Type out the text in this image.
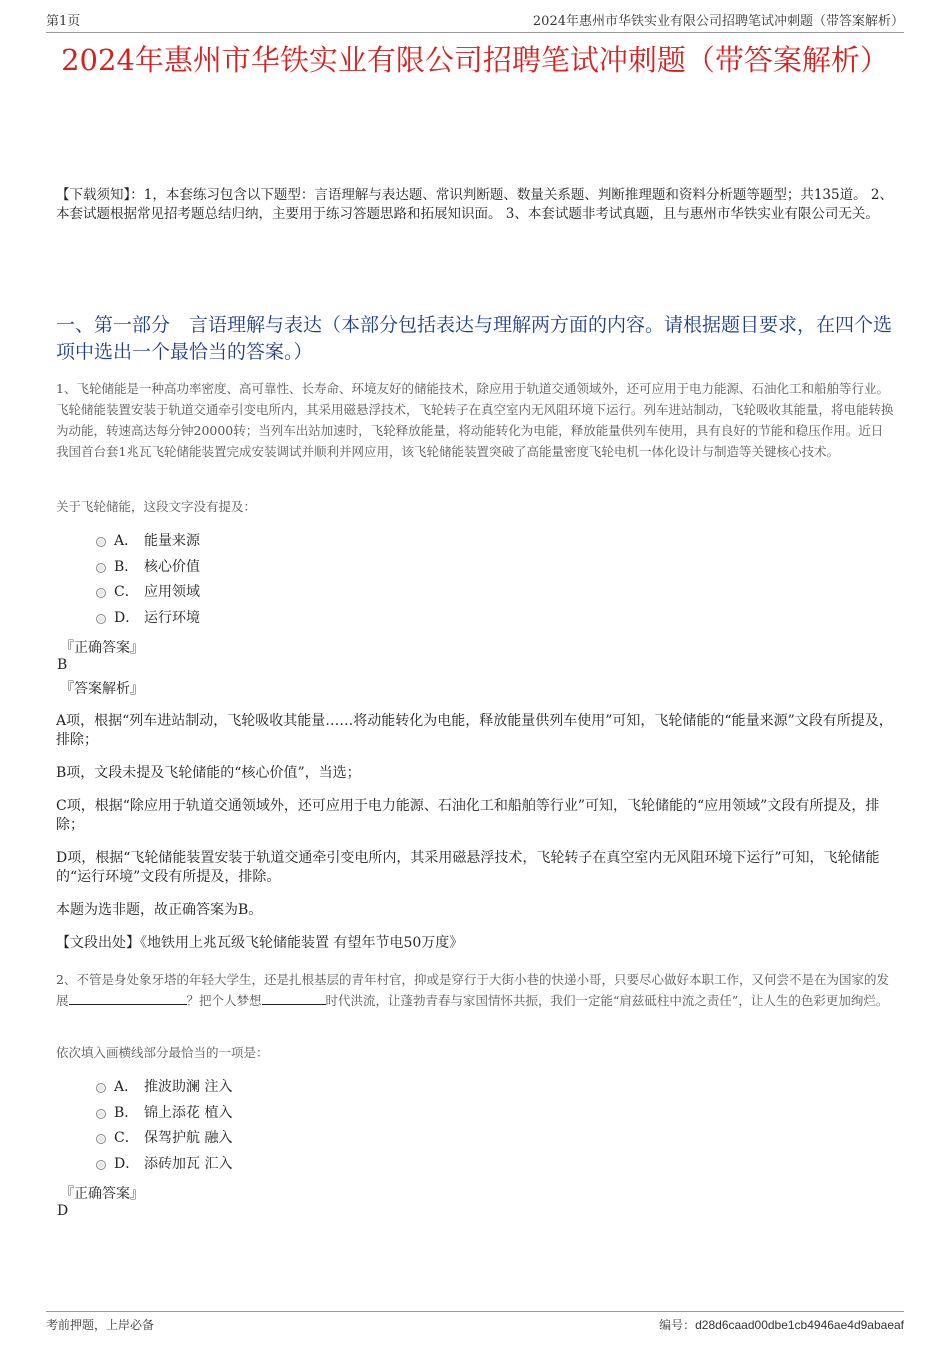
第1页	2024年惠州市华铁实业有限公司招聘笔试冲刺题（带答案解析）
2024年惠州市华铁实业有限公司招聘笔试冲刺题（带答案解析）
【下载须知】：1，本套练习包含以下题型：言语理解与表达题、常识判断题、数量关系题、判断推理题和资料分析题等题型；共135道。 2、本套试题根据常见招考题总结归纳，主要用于练习答题思路和拓展知识面。 3、本套试题非考试真题，且与惠州市华铁实业有限公司无关。
一、第一部分　言语理解与表达（本部分包括表达与理解两方面的内容。请根据题目要求，在四个选项中选出一个最恰当的答案。）
1、飞轮储能是一种高功率密度、高可靠性、长寿命、环境友好的储能技术，除应用于轨道交通领域外，还可应用于电力能源、石油化工和船舶等行业。飞轮储能装置安装于轨道交通牵引变电所内，其采用磁悬浮技术，飞轮转子在真空室内无风阻环境下运行。列车进站制动，飞轮吸收其能量，将电能转换为动能，转速高达每分钟20000转；当列车出站加速时，飞轮释放能量，将动能转化为电能，释放能量供列车使用，具有良好的节能和稳压作用。近日我国首台套1兆瓦飞轮储能装置完成安装调试并顺利并网应用，该飞轮储能装置突破了高能量密度飞轮电机一体化设计与制造等关键核心技术。
关于飞轮储能，这段文字没有提及：
A． 能量来源
B． 核心价值
C． 应用领域
D． 运行环境
『正确答案』
B
『答案解析』
A项，根据“列车进站制动，飞轮吸收其能量……将动能转化为电能，释放能量供列车使用”可知，飞轮储能的“能量来源”文段有所提及，排除；
B项，文段未提及飞轮储能的“核心价值”，当选；
C项，根据“除应用于轨道交通领域外，还可应用于电力能源、石油化工和船舶等行业”可知，飞轮储能的“应用领域”文段有所提及，排除；
D项，根据“飞轮储能装置安装于轨道交通牵引变电所内，其采用磁悬浮技术，飞轮转子在真空室内无风阻环境下运行”可知，飞轮储能的“运行环境”文段有所提及，排除。
本题为选非题，故正确答案为B。
【文段出处】《地铁用上兆瓦级飞轮储能装置 有望年节电50万度》
2、不管是身处象牙塔的年轻大学生，还是扎根基层的青年村官，抑或是穿行于大街小巷的快递小哥，只要尽心做好本职工作，又何尝不是在为国家的发展	？把个人梦想	时代洪流，让蓬勃青春与家国情怀共振，我们一定能“肩兹砥柱中流之责任”，让人生的色彩更加绚烂。
依次填入画横线部分最恰当的一项是：
A． 推波助澜 注入
B． 锦上添花 植入
C． 保驾护航 融入
D． 添砖加瓦 汇入
『正确答案』
D
考前押题，上岸必备	编号：d28d6caad00dbe1cb4946ae4d9abaeaf
